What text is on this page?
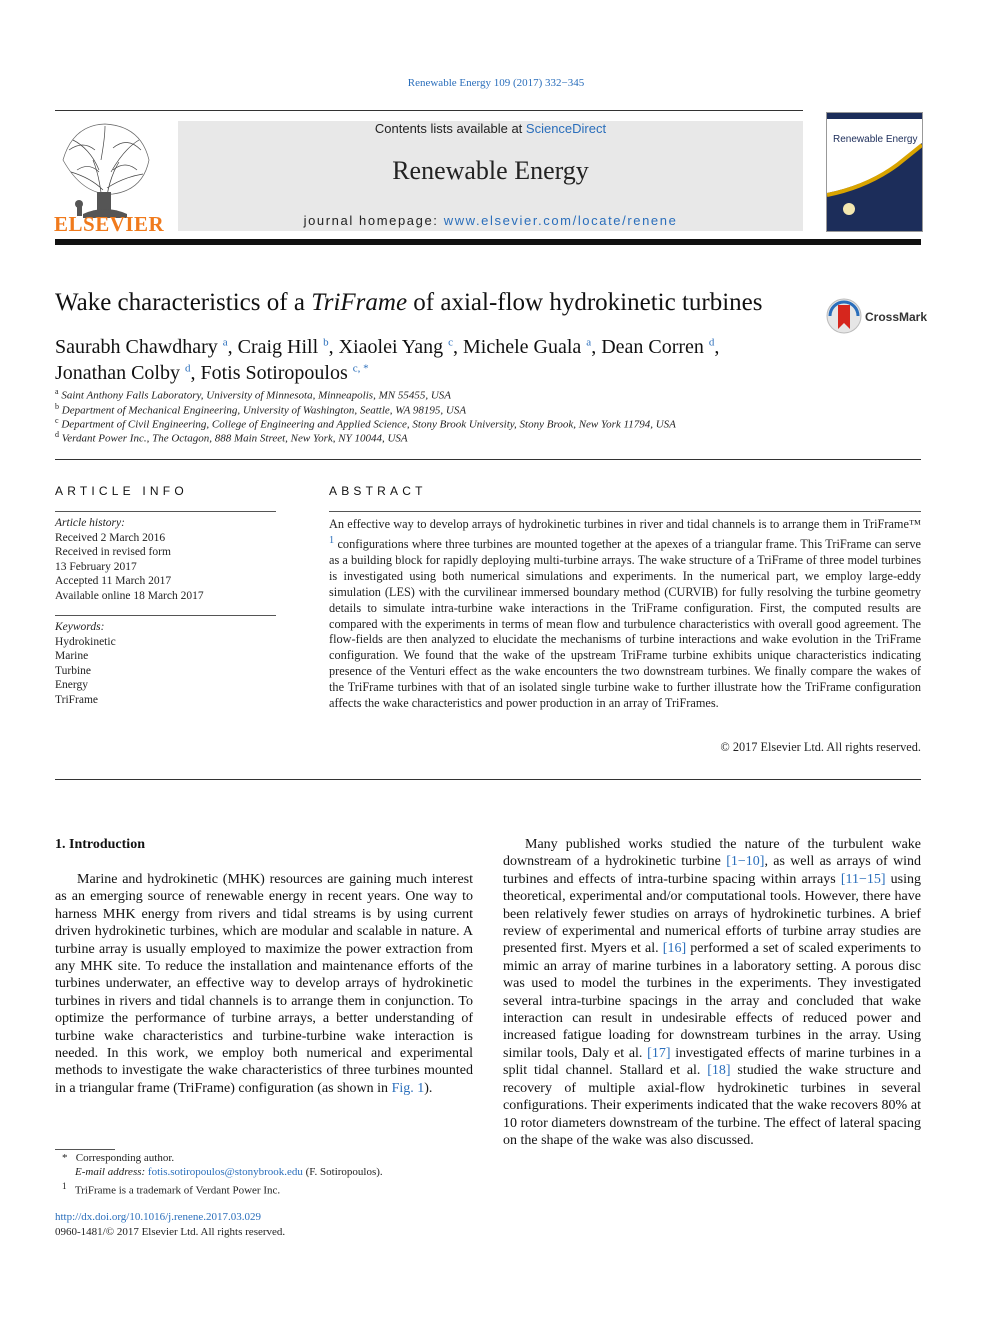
Renewable Energy 109 (2017) 332−345
ELSEVIER
Contents lists available at ScienceDirect
Renewable Energy
journal homepage: www.elsevier.com/locate/renene
Renewable Energy
Wake characteristics of a TriFrame of axial-flow hydrokinetic turbines
CrossMark
Saurabh Chawdhary $^a$, Craig Hill $^b$, Xiaolei Yang $^c$, Michele Guala $^a$, Dean Corren $^d$,
Jonathan Colby $^d$, Fotis Sotiropoulos $^{c, *}$
$^a$ Saint Anthony Falls Laboratory, University of Minnesota, Minneapolis, MN 55455, USA
$^b$ Department of Mechanical Engineering, University of Washington, Seattle, WA 98195, USA
$^c$ Department of Civil Engineering, College of Engineering and Applied Science, Stony Brook University, Stony Brook, New York 11794, USA
$^d$ Verdant Power Inc., The Octagon, 888 Main Street, New York, NY 10044, USA
ARTICLE INFO
Article history:
Received 2 March 2016
Received in revised form
13 February 2017
Accepted 11 March 2017
Available online 18 March 2017
Keywords:
Hydrokinetic
Marine
Turbine
Energy
TriFrame
ABSTRACT
An effective way to develop arrays of hydrokinetic turbines in river and tidal channels is to arrange them in TriFrame™ $^1$ configurations where three turbines are mounted together at the apexes of a triangular frame. This TriFrame can serve as a building block for rapidly deploying multi-turbine arrays. The wake structure of a TriFrame of three model turbines is investigated using both numerical simulations and experiments. In the numerical part, we employ large-eddy simulation (LES) with the curvilinear immersed boundary method (CURVIB) for fully resolving the turbine geometry details to simulate intra-turbine wake interactions in the TriFrame configuration. First, the computed results are compared with the experiments in terms of mean flow and turbulence characteristics with overall good agreement. The flow-fields are then analyzed to elucidate the mechanisms of turbine interactions and wake evolution in the TriFrame configuration. We found that the wake of the upstream TriFrame turbine exhibits unique characteristics indicating presence of the Venturi effect as the wake encounters the two downstream turbines. We finally compare the wakes of the TriFrame turbines with that of an isolated single turbine wake to further illustrate how the TriFrame configuration affects the wake characteristics and power production in an array of TriFrames.
© 2017 Elsevier Ltd. All rights reserved.
1. Introduction

Marine and hydrokinetic (MHK) resources are gaining much interest as an emerging source of renewable energy in recent years. One way to harness MHK energy from rivers and tidal streams is by using current driven hydrokinetic turbines, which are modular and scalable in nature. A turbine array is usually employed to maximize the power extraction from any MHK site. To reduce the installation and maintenance efforts of the turbines underwater, an effective way to develop arrays of hydrokinetic turbines in rivers and tidal channels is to arrange them in conjunction. To optimize the performance of turbine arrays, a better understanding of turbine wake characteristics and turbine-turbine wake interaction is needed. In this work, we employ both numerical and experimental methods to investigate the wake characteristics of three turbines mounted in a triangular frame (TriFrame) configuration (as shown in Fig. 1).

Many published works studied the nature of the turbulent wake downstream of a hydrokinetic turbine [1−10], as well as arrays of wind turbines and effects of intra-turbine spacing within arrays [11−15] using theoretical, experimental and/or computational tools. However, there have been relatively fewer studies on arrays of hydrokinetic turbines. A brief review of experimental and numerical efforts of turbine array studies are presented first. Myers et al. [16] performed a set of scaled experiments to mimic an array of marine turbines in a laboratory setting. A porous disc was used to model the turbines in the experiments. They investigated several intra-turbine spacings in the array and concluded that wake interaction can result in undesirable effects of reduced power and increased fatigue loading for downstream turbines in the array. Using similar tools, Daly et al. [17] investigated effects of marine turbines in a split tidal channel. Stallard et al. [18] studied the wake structure and recovery of multiple axial-flow hydrokinetic turbines in several configurations. Their experiments indicated that the wake recovers 80% at 10 rotor diameters downstream of the turbine. The effect of lateral spacing on the shape of the wake was also discussed.

* Corresponding author.
E-mail address: fotis.sotiropoulos@stonybrook.edu (F. Sotiropoulos).
$^1$ TriFrame is a trademark of Verdant Power Inc.
http://dx.doi.org/10.1016/j.renene.2017.03.029
0960-1481/© 2017 Elsevier Ltd. All rights reserved.
